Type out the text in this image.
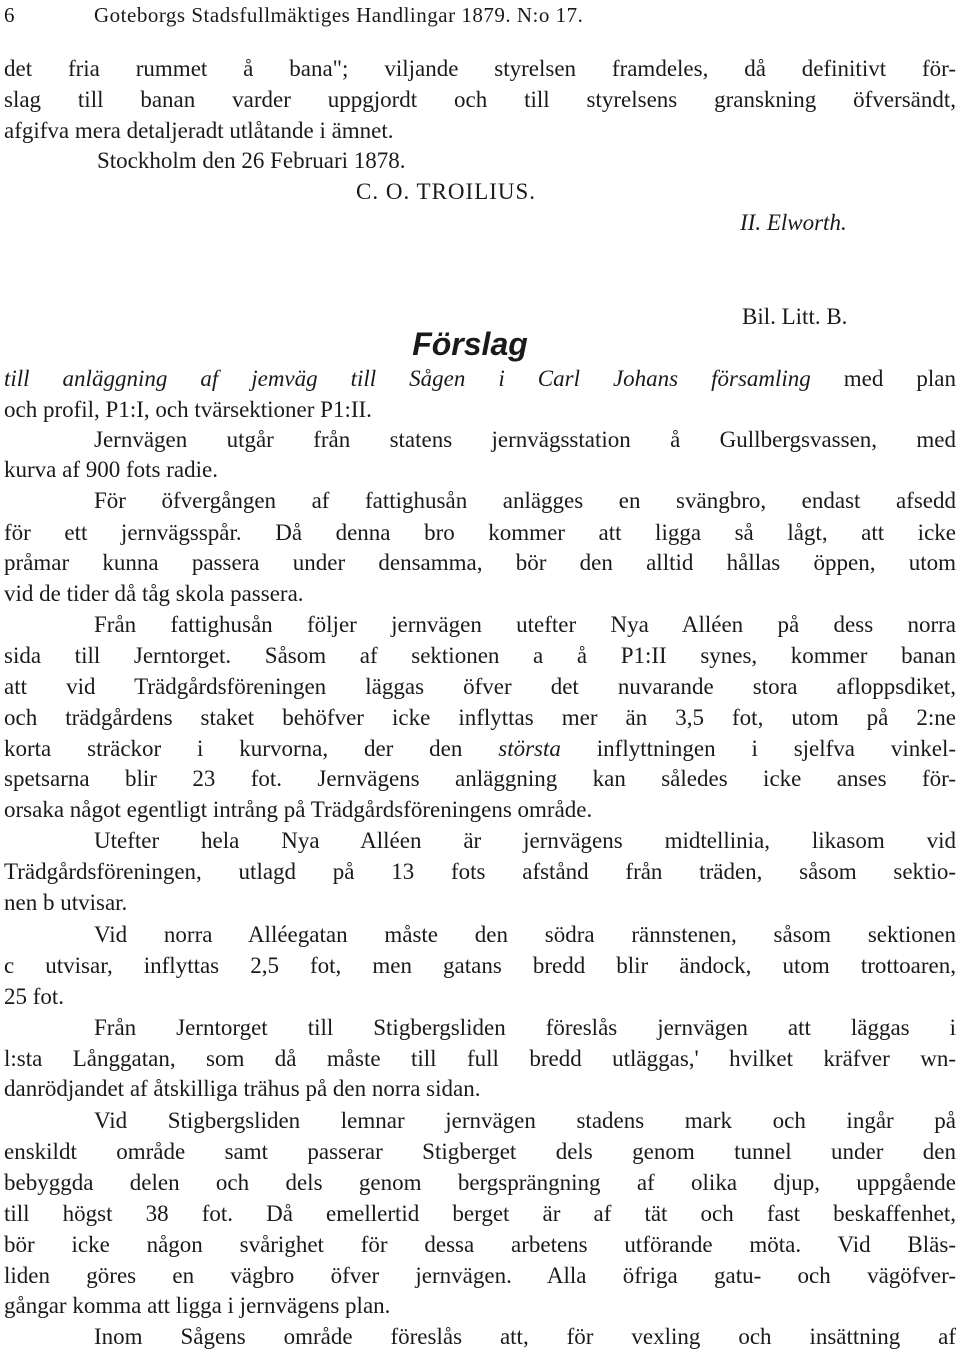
6	Goteborgs Stadsfullmäktiges Handlingar 1879. N:o 17.
det fria rummet å bana"; viljande styrelsen framdeles, då definitivt för-
slag till banan varder uppgjordt och till styrelsens granskning öfversändt,
afgifva mera detaljeradt utlåtande i ämnet.
Stockholm den 26 Februari 1878.
C. O. TROILIUS.
II. Elworth.
Bil. Litt. B.
Förslag
till anläggning af jemväg till Sågen i Carl Johans församling med plan
och profil, P1:I, och tvärsektioner P1:II.
Jernvägen utgår från statens jernvägsstation å Gullbergsvassen, med
kurva af 900 fots radie.
För öfvergången af fattighusån anlägges en svängbro, endast afsedd
för ett jernvägsspår. Då denna bro kommer att ligga så lågt, att icke
pråmar kunna passera under densamma, bör den alltid hållas öppen, utom
vid de tider då tåg skola passera.
Från fattighusån följer jernvägen utefter Nya Alléen på dess norra
sida till Jerntorget. Såsom af sektionen a å P1:II synes, kommer banan
att vid Trädgårdsföreningen läggas öfver det nuvarande stora afloppsdiket,
och trädgårdens staket behöfver icke inflyttas mer än 3,5 fot, utom på 2:ne
korta sträckor i kurvorna, der den största inflyttningen i sjelfva vinkel-
spetsarna blir 23 fot. Jernvägens anläggning kan således icke anses för-
orsaka något egentligt intrång på Trädgårdsföreningens område.
Utefter hela Nya Alléen är jernvägens midtellinia, likasom vid
Trädgårdsföreningen, utlagd på 13 fots afstånd från träden, såsom sektio-
nen b utvisar.
Vid norra Alléegatan måste den södra rännstenen, såsom sektionen
c utvisar, inflyttas 2,5 fot, men gatans bredd blir ändock, utom trottoaren,
25 fot.
Från Jerntorget till Stigbergsliden föreslås jernvägen att läggas i
l:sta Långgatan, som då måste till full bredd utläggas,' hvilket kräfver wn-
danrödjandet af åtskilliga trähus på den norra sidan.
Vid Stigbergsliden lemnar jernvägen stadens mark och ingår på
enskildt område samt passerar Stigberget dels genom tunnel under den
bebyggda delen och dels genom bergsprängning af olika djup, uppgående
till högst 38 fot. Då emellertid berget är af tät och fast beskaffenhet,
bör icke någon svårighet för dessa arbetens utförande möta. Vid Bläs-
liden göres en vägbro öfver jernvägen. Alla öfriga gatu- och vägöfver-
gångar komma att ligga i jernvägens plan.
Inom Sågens område föreslås att, för vexling och insättning af
